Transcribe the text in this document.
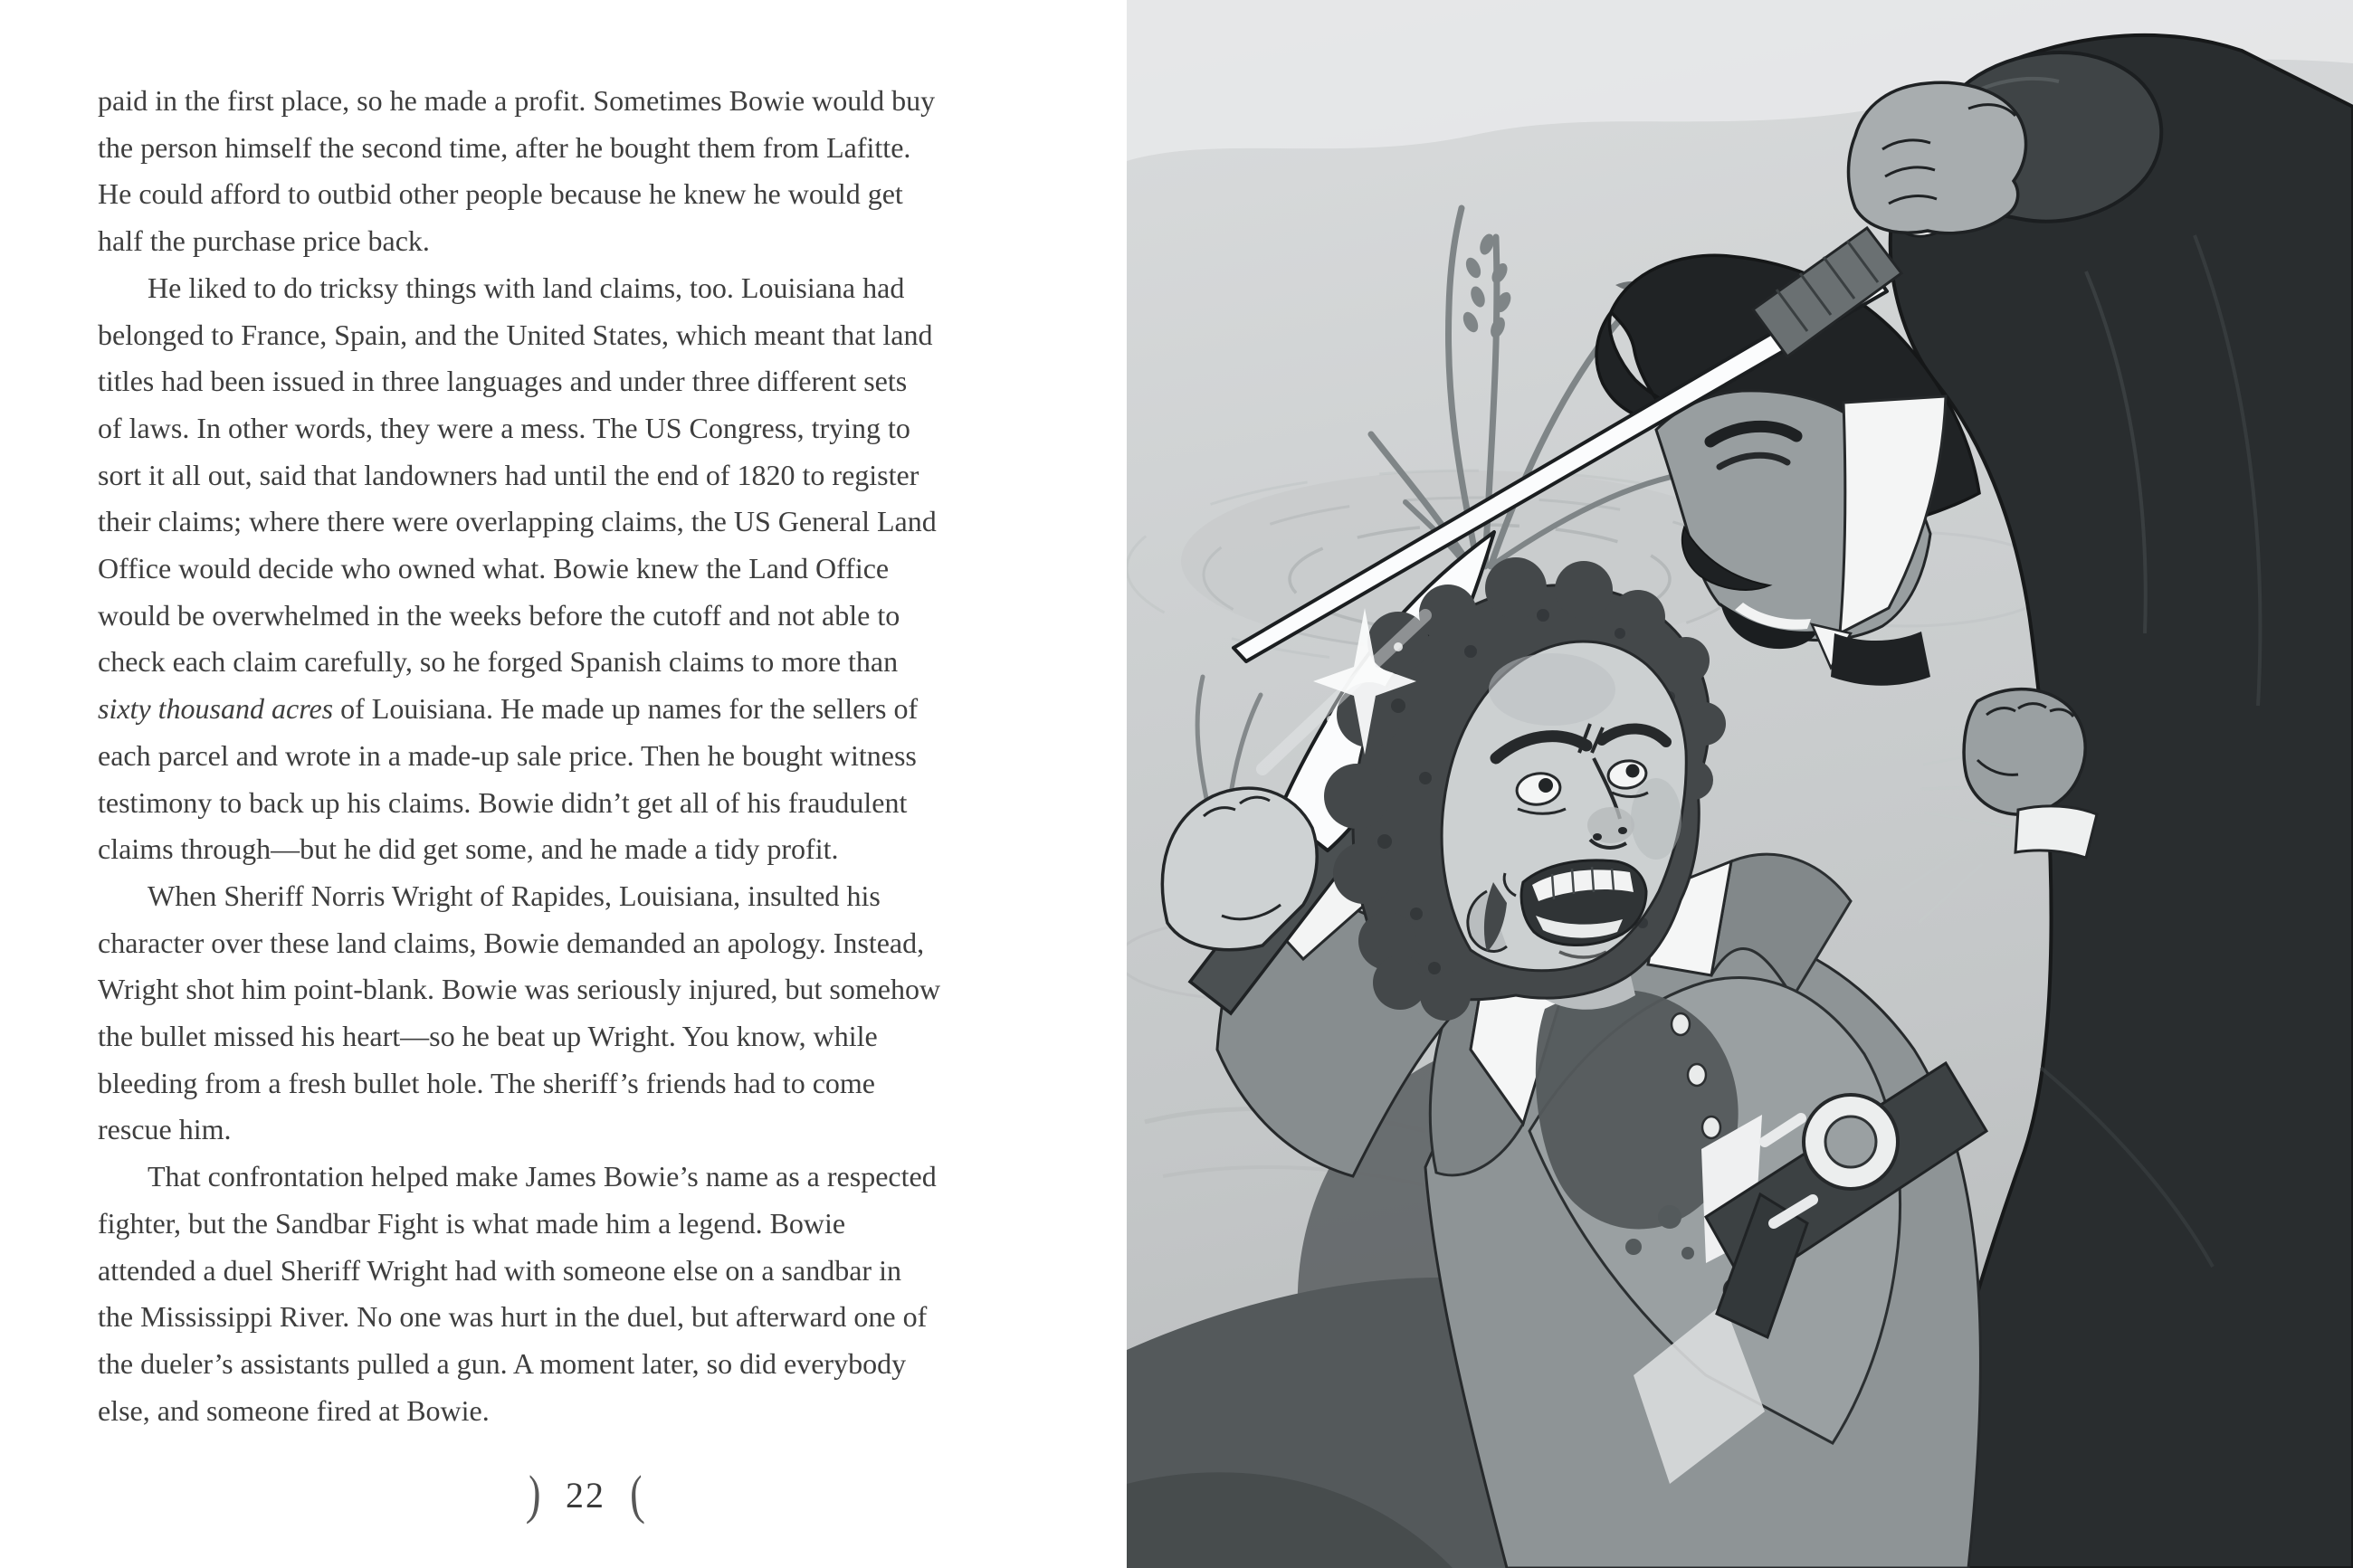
paid in the first place, so he made a profit. Sometimes Bowie would buy
the person himself the second time, after he bought them from Lafitte.
He could afford to outbid other people because he knew he would get
half the purchase price back.
He liked to do tricksy things with land claims, too. Louisiana had
belonged to France, Spain, and the United States, which meant that land
titles had been issued in three languages and under three different sets
of laws. In other words, they were a mess. The US Congress, trying to
sort it all out, said that landowners had until the end of 1820 to register
their claims; where there were overlapping claims, the US General Land
Office would decide who owned what. Bowie knew the Land Office
would be overwhelmed in the weeks before the cutoff and not able to
check each claim carefully, so he forged Spanish claims to more than
sixty thousand acres of Louisiana. He made up names for the sellers of
each parcel and wrote in a made-up sale price. Then he bought witness
testimony to back up his claims. Bowie didn’t get all of his fraudulent
claims through—but he did get some, and he made a tidy profit.
When Sheriff Norris Wright of Rapides, Louisiana, insulted his
character over these land claims, Bowie demanded an apology. Instead,
Wright shot him point-blank. Bowie was seriously injured, but somehow
the bullet missed his heart—so he beat up Wright. You know, while
bleeding from a fresh bullet hole. The sheriff’s friends had to come
rescue him.
That confrontation helped make James Bowie’s name as a respected
fighter, but the Sandbar Fight is what made him a legend. Bowie
attended a duel Sheriff Wright had with someone else on a sandbar in
the Mississippi River. No one was hurt in the duel, but afterward one of
the dueler’s assistants pulled a gun. A moment later, so did everybody
else, and someone fired at Bowie.
) 22 (
